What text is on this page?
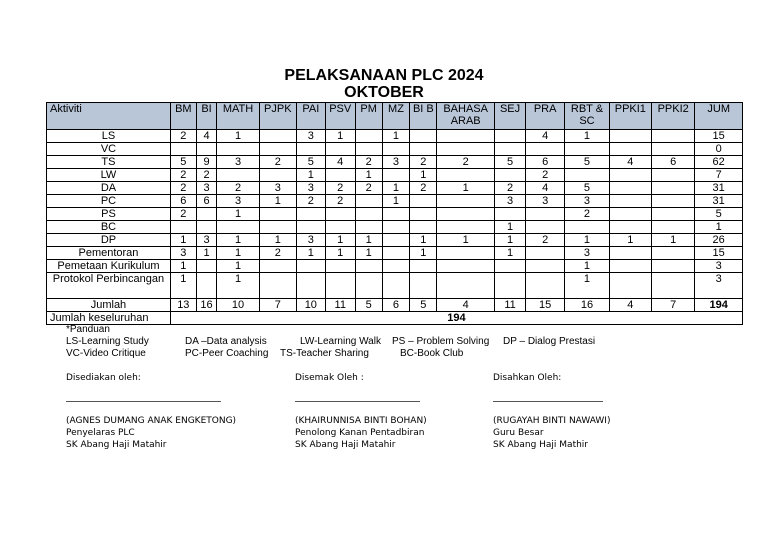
PELAKSANAAN PLC 2024
OKTOBER
Aktiviti	BM	BI	MATH	PJPK	PAI	PSV	PM	MZ	BI B	BAHASA ARAB	SEJ	PRA	RBT & SC	PPKI1	PPKI2	JUM
LS	2	4	1		3	1		1				4	1			15
VC																0
TS	5	9	3	2	5	4	2	3	2	2	5	6	5	4	6	62
LW	2	2			1		1		1			2				7
DA	2	3	2	3	3	2	2	1	2	1	2	4	5			31
PC	6	6	3	1	2	2		1			3	3	3			31
PS	2		1										2			5
BC											1					1
DP	1	3	1	1	3	1	1		1	1	1	2	1	1	1	26
Pementoran	3	1	1	2	1	1	1		1		1		3			15
Pemetaan Kurikulum	1		1										1			3
Protokol Perbincangan	1		1										1			3
Jumlah	13	16	10	7	10	11	5	6	5	4	11	15	16	4	7	194
Jumlah keseluruhan	194															
*Panduan
LS-Learning Study	DA –Data analysis	LW-Learning Walk PS – Problem Solving DP – Dialog Prestasi
VC-Video Critique	PC-Peer Coaching TS-Teacher Sharing	BC-Book Club
Disediakan oleh:	Disemak Oleh :	Disahkan Oleh:
(AGNES DUMANG ANAK ENGKETONG)
Penyelaras PLC
SK Abang Haji Matahir
(KHAIRUNNISA BINTI BOHAN)
Penolong Kanan Pentadbiran
SK Abang Haji Matahir
(RUGAYAH BINTI NAWAWI)
Guru Besar
SK Abang Haji Mathir
